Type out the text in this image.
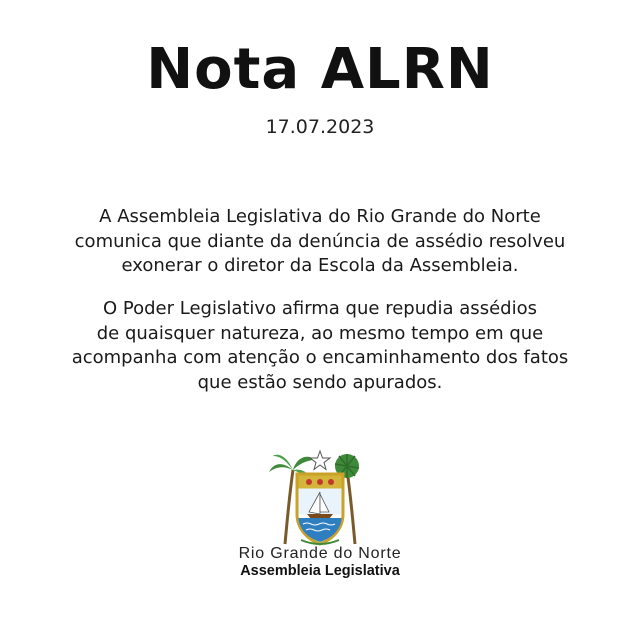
Nota ALRN
17.07.2023
A Assembleia Legislativa do Rio Grande do Norte
comunica que diante da denúncia de assédio resolveu
exonerar o diretor da Escola da Assembleia.
O Poder Legislativo afirma que repudia assédios
de quaisquer natureza, ao mesmo tempo em que
acompanha com atenção o encaminhamento dos fatos
que estão sendo apurados.
Rio Grande do Norte
Assembleia Legislativa
